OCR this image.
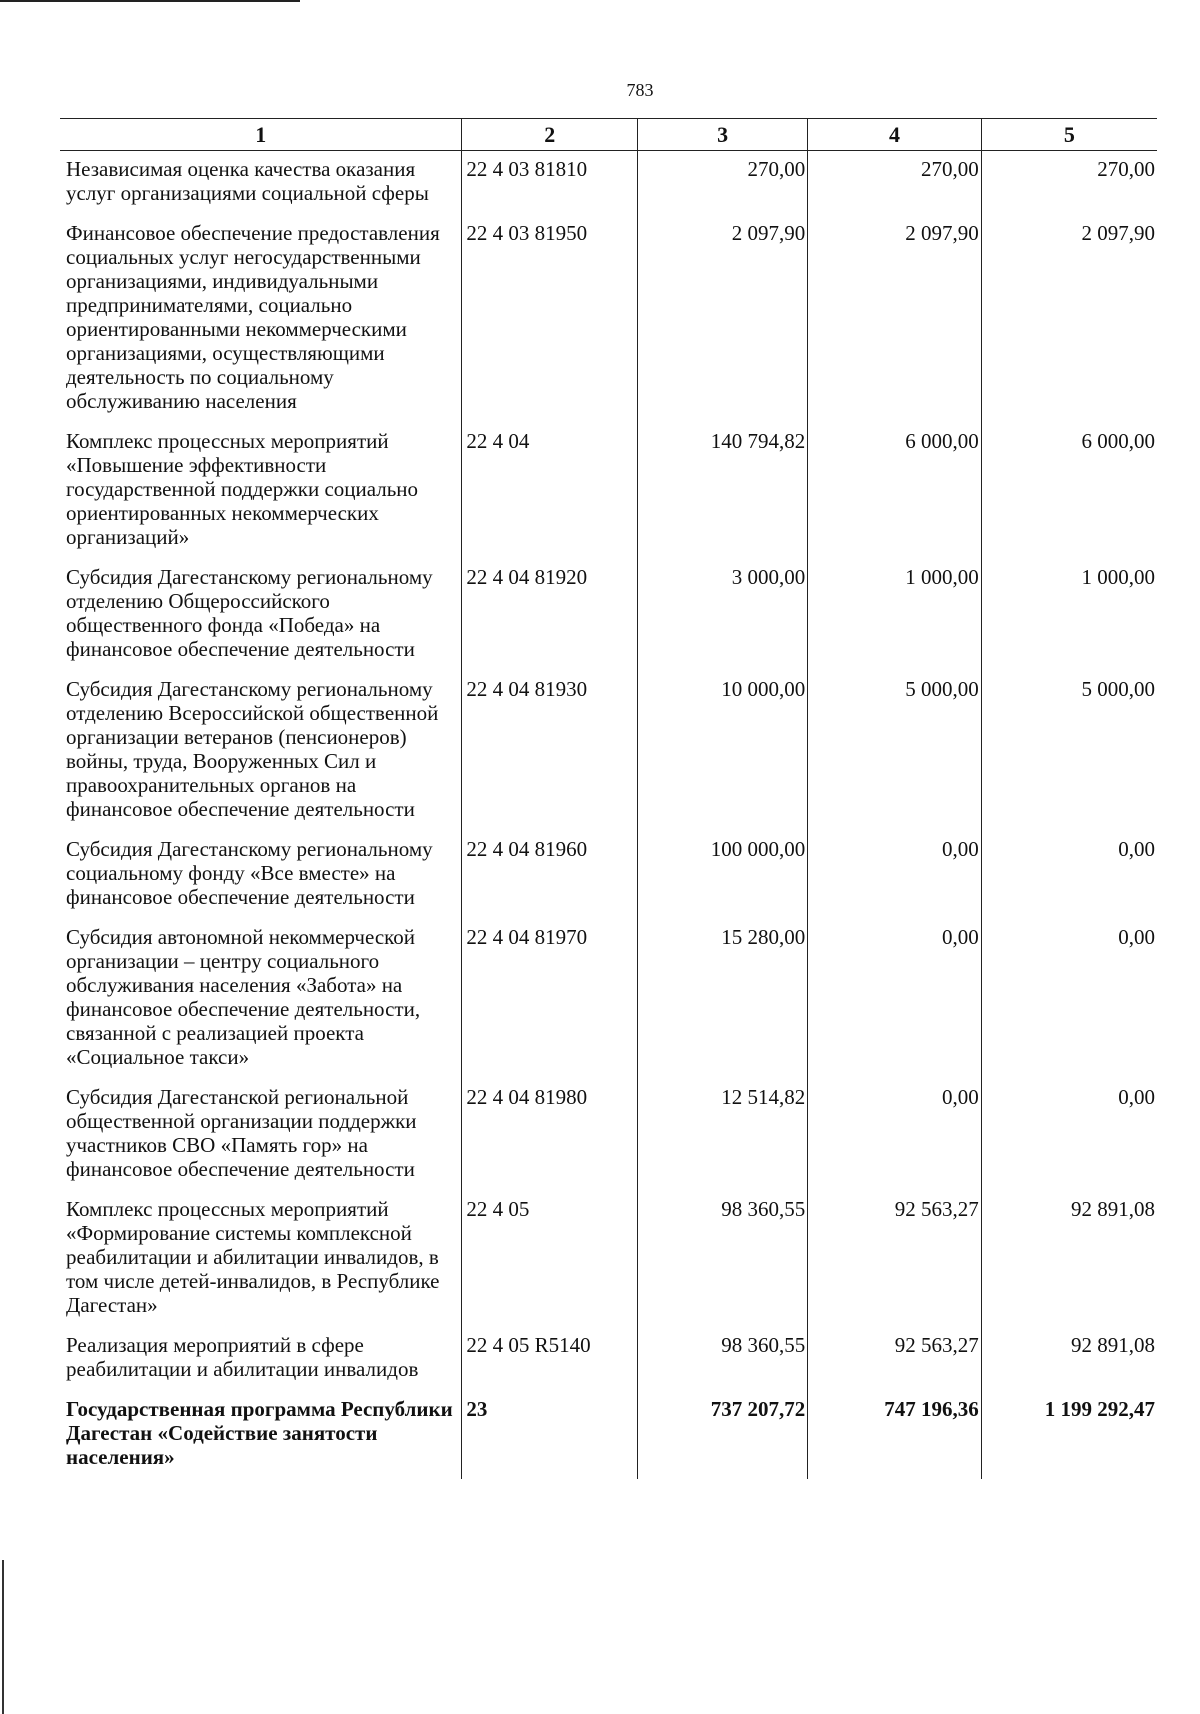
783
1	2	3	4	5
Независимая оценка качества оказания услуг организациями социальной сферы	22 4 03 81810	270,00	270,00	270,00
Финансовое обеспечение предоставления социальных услуг негосударственными организациями, индивидуальными предпринимателями, социально ориентированными некоммерческими организациями, осуществляющими деятельность по социальному обслуживанию населения	22 4 03 81950	2 097,90	2 097,90	2 097,90
Комплекс процессных мероприятий «Повышение эффективности государственной поддержки социально ориентированных некоммерческих организаций»	22 4 04	140 794,82	6 000,00	6 000,00
Субсидия Дагестанскому региональному отделению Общероссийского общественного фонда «Победа» на финансовое обеспечение деятельности	22 4 04 81920	3 000,00	1 000,00	1 000,00
Субсидия Дагестанскому региональному отделению Всероссийской общественной организации ветеранов (пенсионеров) войны, труда, Вооруженных Сил и правоохранительных органов на финансовое обеспечение деятельности	22 4 04 81930	10 000,00	5 000,00	5 000,00
Субсидия Дагестанскому региональному социальному фонду «Все вместе» на финансовое обеспечение деятельности	22 4 04 81960	100 000,00	0,00	0,00
Субсидия автономной некоммерческой организации – центру социального обслуживания населения «Забота» на финансовое обеспечение деятельности, связанной с реализацией проекта «Социальное такси»	22 4 04 81970	15 280,00	0,00	0,00
Субсидия Дагестанской региональной общественной организации поддержки участников СВО «Память гор» на финансовое обеспечение деятельности	22 4 04 81980	12 514,82	0,00	0,00
Комплекс процессных мероприятий «Формирование системы комплексной реабилитации и абилитации инвалидов, в том числе детей-инвалидов, в Республике Дагестан»	22 4 05	98 360,55	92 563,27	92 891,08
Реализация мероприятий в сфере реабилитации и абилитации инвалидов	22 4 05 R5140	98 360,55	92 563,27	92 891,08
Государственная программа Республики Дагестан «Содействие занятости населения»	23	737 207,72	747 196,36	1 199 292,47
